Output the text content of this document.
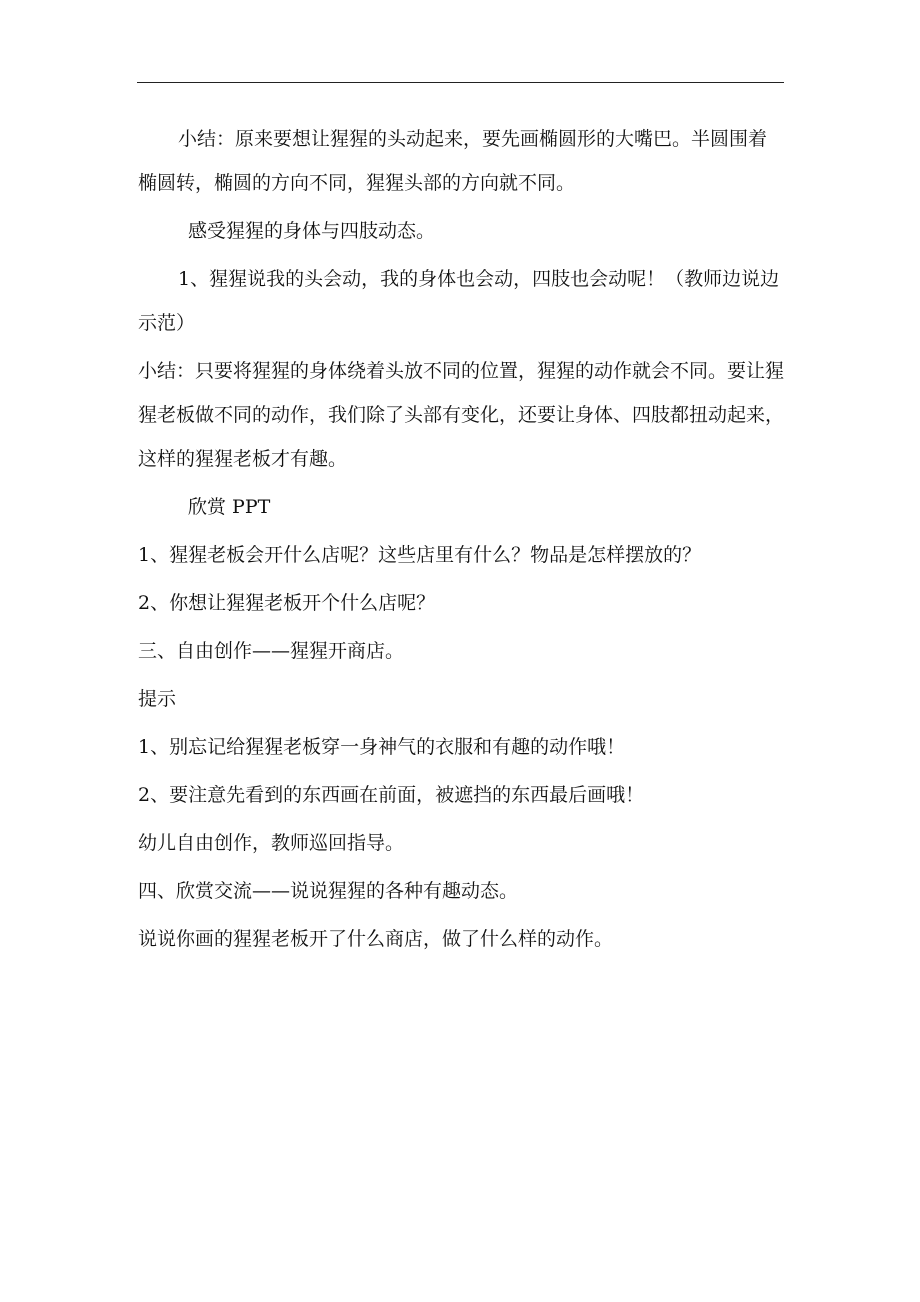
小结：原来要想让猩猩的头动起来，要先画椭圆形的大嘴巴。半圆围着椭圆转，椭圆的方向不同，猩猩头部的方向就不同。

感受猩猩的身体与四肢动态。

1、猩猩说我的头会动，我的身体也会动，四肢也会动呢！（教师边说边示范）

小结：只要将猩猩的身体绕着头放不同的位置，猩猩的动作就会不同。要让猩猩老板做不同的动作，我们除了头部有变化，还要让身体、四肢都扭动起来，这样的猩猩老板才有趣。

欣赏 PPT

1、猩猩老板会开什么店呢？这些店里有什么？物品是怎样摆放的？

2、你想让猩猩老板开个什么店呢？

三、自由创作——猩猩开商店。

提示

1、别忘记给猩猩老板穿一身神气的衣服和有趣的动作哦！

2、要注意先看到的东西画在前面，被遮挡的东西最后画哦！

幼儿自由创作，教师巡回指导。

四、欣赏交流——说说猩猩的各种有趣动态。

说说你画的猩猩老板开了什么商店，做了什么样的动作。
